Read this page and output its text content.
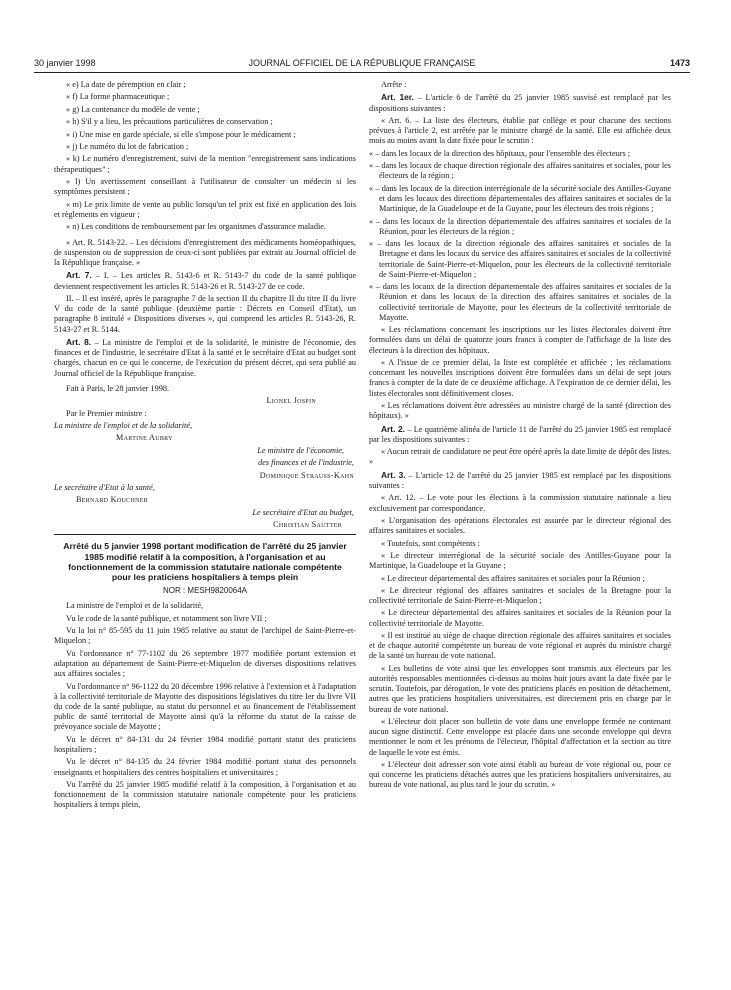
30 janvier 1998	JOURNAL OFFICIEL DE LA RÉPUBLIQUE FRANÇAISE	1473

« e) La date de péremption en clair ;

« f) La forme pharmaceutique ;

« g) La contenance du modèle de vente ;

« h) S'il y a lieu, les précautions particulières de conservation ;

« i) Une mise en garde spéciale, si elle s'impose pour le médicament ;

« j) Le numéro du lot de fabrication ;

« k) Le numéro d'enregistrement, suivi de la mention "enregistrement sans indications thérapeutiques" ;

« l) Un avertissement conseillant à l'utilisateur de consulter un médecin si les symptômes persistent ;

« m) Le prix limite de vente au public lorsqu'un tel prix est fixé en application des lois et règlements en vigueur ;

« n) Les conditions de remboursement par les organismes d'assurance maladie.

« Art. R. 5143-22. – Les décisions d'enregistrement des médicaments homéopathiques, de suspension ou de suppression de ceux-ci sont publiées par extrait au Journal officiel de la République française. »

Art. 7. – I. – Les articles R. 5143-6 et R. 5143-7 du code de la santé publique deviennent respectivement les articles R. 5143-26 et R. 5143-27 de ce code.

II. – Il est inséré, après le paragraphe 7 de la section II du chapitre II du titre II du livre V du code de la santé publique (deuxième partie : Décrets en Conseil d'Etat), un paragraphe 8 intitulé « Dispositions diverses », qui comprend les articles R. 5143-26, R. 5143-27 et R. 5144.

Art. 8. – La ministre de l'emploi et de la solidarité, le ministre de l'économie, des finances et de l'industrie, le secrétaire d'Etat à la santé et le secrétaire d'Etat au budget sont chargés, chacun en ce qui le concerne, de l'exécution du présent décret, qui sera publié au Journal officiel de la République française.

Fait à Paris, le 28 janvier 1998.

Lionel Jospin

Par le Premier ministre :

La ministre de l'emploi et de la solidarité,

Martine Aubry

Le ministre de l'économie,

des finances et de l'industrie,

Dominique Strauss-Kahn

Le secrétaire d'Etat à la santé,

Bernard Kouchner

Le secrétaire d'Etat au budget,

Christian Sautter

Arrêté du 5 janvier 1998 portant modification de l'arrêté du 25 janvier 1985 modifié relatif à la composition, à l'organisation et au fonctionnement de la commission statutaire nationale compétente pour les praticiens hospitaliers à temps plein
NOR : MESH9820064A

La ministre de l'emploi et de la solidarité,

Vu le code de la santé publique, et notamment son livre VII ;

Vu la loi n° 85-595 du 11 juin 1985 relative au statut de l'archipel de Saint-Pierre-et-Miquelon ;

Vu l'ordonnance n° 77-1102 du 26 septembre 1977 modifiée portant extension et adaptation au département de Saint-Pierre-et-Miquelon de diverses dispositions relatives aux affaires sociales ;

Vu l'ordonnance n° 96-1122 du 20 décembre 1996 relative à l'extension et à l'adaptation à la collectivité territoriale de Mayotte des dispositions législatives du titre Ier du livre VII du code de la santé publique, au statut du personnel et au financement de l'établissement public de santé territorial de Mayotte ainsi qu'à la réforme du statut de la caisse de prévoyance sociale de Mayotte ;

Vu le décret n° 84-131 du 24 février 1984 modifié portant statut des praticiens hospitaliers ;

Vu le décret n° 84-135 du 24 février 1984 modifié portant statut des personnels enseignants et hospitaliers des centres hospitaliers et universitaires ;

Vu l'arrêté du 25 janvier 1985 modifié relatif à la composition, à l'organisation et au fonctionnement de la commission statutaire nationale compétente pour les praticiens hospitaliers à temps plein,

Arrête :

Art. 1er. – L'article 6 de l'arrêté du 25 janvier 1985 susvisé est remplacé par les dispositions suivantes :

« Art. 6. – La liste des électeurs, établie par collège et pour chacune des sections prévues à l'article 2, est arrêtée par le ministre chargé de la santé. Elle est affichée deux mois au moins avant la date fixée pour le scrutin :

« – dans les locaux de la direction des hôpitaux, pour l'ensemble des électeurs ;

« – dans les locaux de chaque direction régionale des affaires sanitaires et sociales, pour les électeurs de la région ;

« – dans les locaux de la direction interrégionale de la sécurité sociale des Antilles-Guyane et dans les locaux des directions départementales des affaires sanitaires et sociales de la Martinique, de la Guadeloupe et de la Guyane, pour les électeurs des trois régions ;

« – dans les locaux de la direction départementale des affaires sanitaires et sociales de la Réunion, pour les électeurs de la région ;

« – dans les locaux de la direction régionale des affaires sanitaires et sociales de la Bretagne et dans les locaux du service des affaires sanitaires et sociales de la collectivité territoriale de Saint-Pierre-et-Miquelon, pour les électeurs de la collectivité territoriale de Saint-Pierre-et-Miquelon ;

« – dans les locaux de la direction départementale des affaires sanitaires et sociales de la Réunion et dans les locaux de la direction des affaires sanitaires et sociales de la collectivité territoriale de Mayotte, pour les électeurs de la collectivité territoriale de Mayotte.

« Les réclamations concernant les inscriptions sur les listes électorales doivent être formulées dans un délai de quatorze jours francs à compter de l'affichage de la liste des électeurs à la direction des hôpitaux.

« A l'issue de ce premier délai, la liste est complétée et affichée ; les réclamations concernant les nouvelles inscriptions doivent être formulées dans un délai de sept jours francs à compter de la date de ce deuxième affichage. A l'expiration de ce dernier délai, les listes électorales sont définitivement closes.

« Les réclamations doivent être adressées au ministre chargé de la santé (direction des hôpitaux). »

Art. 2. – Le quatrième alinéa de l'article 11 de l'arrêté du 25 janvier 1985 est remplacé par les dispositions suivantes :

« Aucun retrait de candidature ne peut être opéré après la date limite de dépôt des listes. »

Art. 3. – L'article 12 de l'arrêté du 25 janvier 1985 est remplacé par les dispositions suivantes :

« Art. 12. – Le vote pour les élections à la commission statutaire nationale a lieu exclusivement par correspondance.

« L'organisation des opérations électorales est assurée par le directeur régional des affaires sanitaires et sociales.

« Toutefois, sont compétents :

« Le directeur interrégional de la sécurité sociale des Antilles-Guyane pour la Martinique, la Guadeloupe et la Guyane ;

« Le directeur départemental des affaires sanitaires et sociales pour la Réunion ;

« Le directeur régional des affaires sanitaires et sociales de la Bretagne pour la collectivité territoriale de Saint-Pierre-et-Miquelon ;

« Le directeur départemental des affaires sanitaires et sociales de la Réunion pour la collectivité territoriale de Mayotte.

« Il est institué au siège de chaque direction régionale des affaires sanitaires et sociales et de chaque autorité compétente un bureau de vote régional et auprès du ministre chargé de la santé un bureau de vote national.

« Les bulletins de vote ainsi que les enveloppes sont transmis aux électeurs par les autorités responsables mentionnées ci-dessus au moins huit jours avant la date fixée par le scrutin. Toutefois, par dérogation, le vote des praticiens placés en position de détachement, autres que les praticiens hospitaliers universitaires, est directement pris en charge par le bureau de vote national.

« L'électeur doit placer son bulletin de vote dans une enveloppe fermée ne contenant aucun signe distinctif. Cette enveloppe est placée dans une seconde enveloppe qui devra mentionner le nom et les prénoms de l'électeur, l'hôpital d'affectation et la section au titre de laquelle le vote est émis.

« L'électeur doit adresser son vote ainsi établi au bureau de vote régional ou, pour ce qui concerne les praticiens détachés autres que les praticiens hospitaliers universitaires, au bureau de vote national, au plus tard le jour du scrutin. »
